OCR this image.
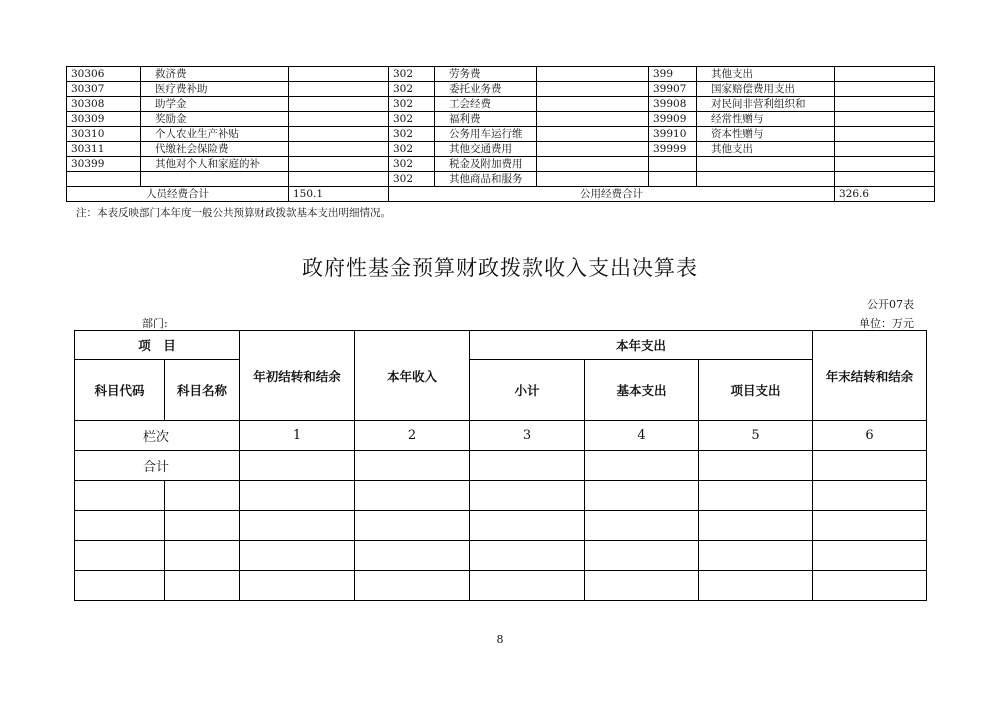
30306	救济费		302	劳务费		399	其他支出	
30307	医疗费补助		302	委托业务费		39907	国家赔偿费用支出	
30308	助学金		302	工会经费		39908	对民间非营利组织和	
30309	奖励金		302	福利费		39909	经常性赠与	
30310	个人农业生产补贴		302	公务用车运行维		39910	资本性赠与	
30311	代缴社会保险费		302	其他交通费用		39999	其他支出	
30399	其他对个人和家庭的补		302	税金及附加费用				
			302	其他商品和服务				
人员经费合计		150.1	公用经费合计					326.6
注：本表反映部门本年度一般公共预算财政拨款基本支出明细情况。
政府性基金预算财政拨款收入支出决算表
公开07表
部门:	单位：万元
项　目		年初结转和结余	本年收入	本年支出			年末结转和结余
科目代码	科目名称			小计	基本支出	项目支出	
栏次		1	2	3	4	5	6
合计							

8
